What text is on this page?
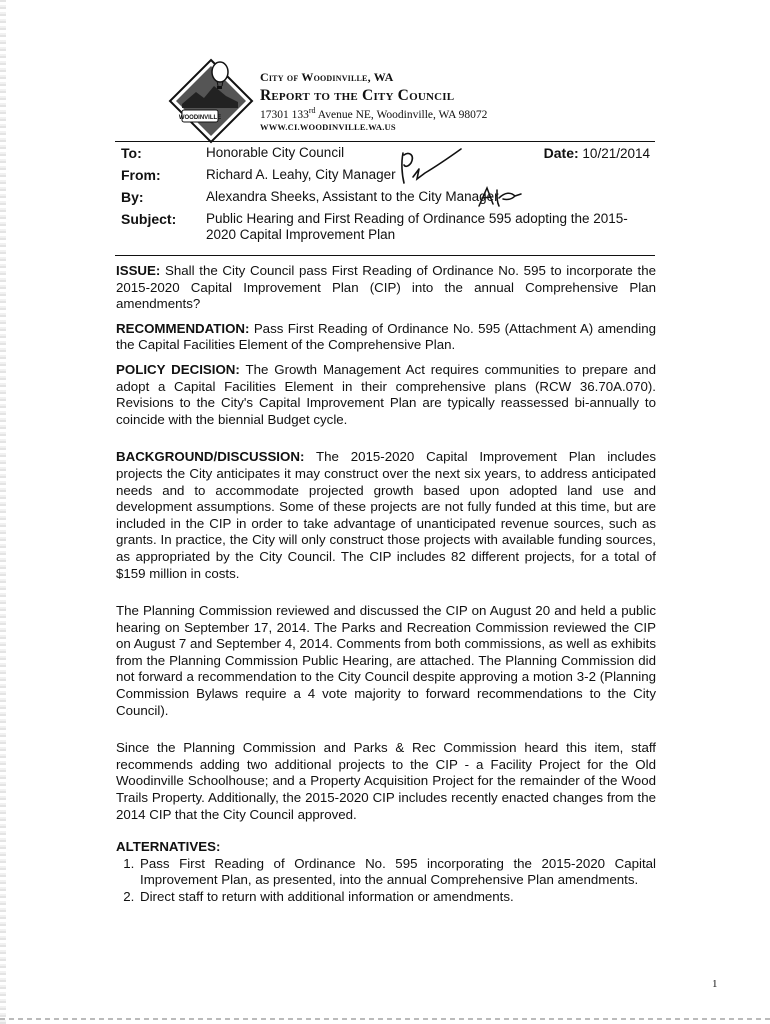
WOODINVILLE
City of Woodinville, WA
Report to the City Council
17301 133rd Avenue NE, Woodinville, WA 98072
WWW.CI.WOODINVILLE.WA.US
To:	Honorable City Council	Date: 10/21/2014
From:	Richard A. Leahy, City Manager
By:	Alexandra Sheeks, Assistant to the City Manager
Subject: Public Hearing and First Reading of Ordinance 595 adopting the 2015-2020 Capital Improvement Plan

ISSUE: Shall the City Council pass First Reading of Ordinance No. 595 to incorporate the 2015-2020 Capital Improvement Plan (CIP) into the annual Comprehensive Plan amendments?

RECOMMENDATION: Pass First Reading of Ordinance No. 595 (Attachment A) amending the Capital Facilities Element of the Comprehensive Plan.

POLICY DECISION: The Growth Management Act requires communities to prepare and adopt a Capital Facilities Element in their comprehensive plans (RCW 36.70A.070). Revisions to the City's Capital Improvement Plan are typically reassessed bi-annually to coincide with the biennial Budget cycle.

BACKGROUND/DISCUSSION: The 2015-2020 Capital Improvement Plan includes projects the City anticipates it may construct over the next six years, to address anticipated needs and to accommodate projected growth based upon adopted land use and development assumptions. Some of these projects are not fully funded at this time, but are included in the CIP in order to take advantage of unanticipated revenue sources, such as grants. In practice, the City will only construct those projects with available funding sources, as appropriated by the City Council. The CIP includes 82 different projects, for a total of $159 million in costs.

The Planning Commission reviewed and discussed the CIP on August 20 and held a public hearing on September 17, 2014. The Parks and Recreation Commission reviewed the CIP on August 7 and September 4, 2014. Comments from both commissions, as well as exhibits from the Planning Commission Public Hearing, are attached. The Planning Commission did not forward a recommendation to the City Council despite approving a motion 3-2 (Planning Commission Bylaws require a 4 vote majority to forward recommendations to the City Council).

Since the Planning Commission and Parks & Rec Commission heard this item, staff recommends adding two additional projects to the CIP - a Facility Project for the Old Woodinville Schoolhouse; and a Property Acquisition Project for the remainder of the Wood Trails Property. Additionally, the 2015-2020 CIP includes recently enacted changes from the 2014 CIP that the City Council approved.

ALTERNATIVES:
1. Pass First Reading of Ordinance No. 595 incorporating the 2015-2020 Capital Improvement Plan, as presented, into the annual Comprehensive Plan amendments.
2. Direct staff to return with additional information or amendments.
1
